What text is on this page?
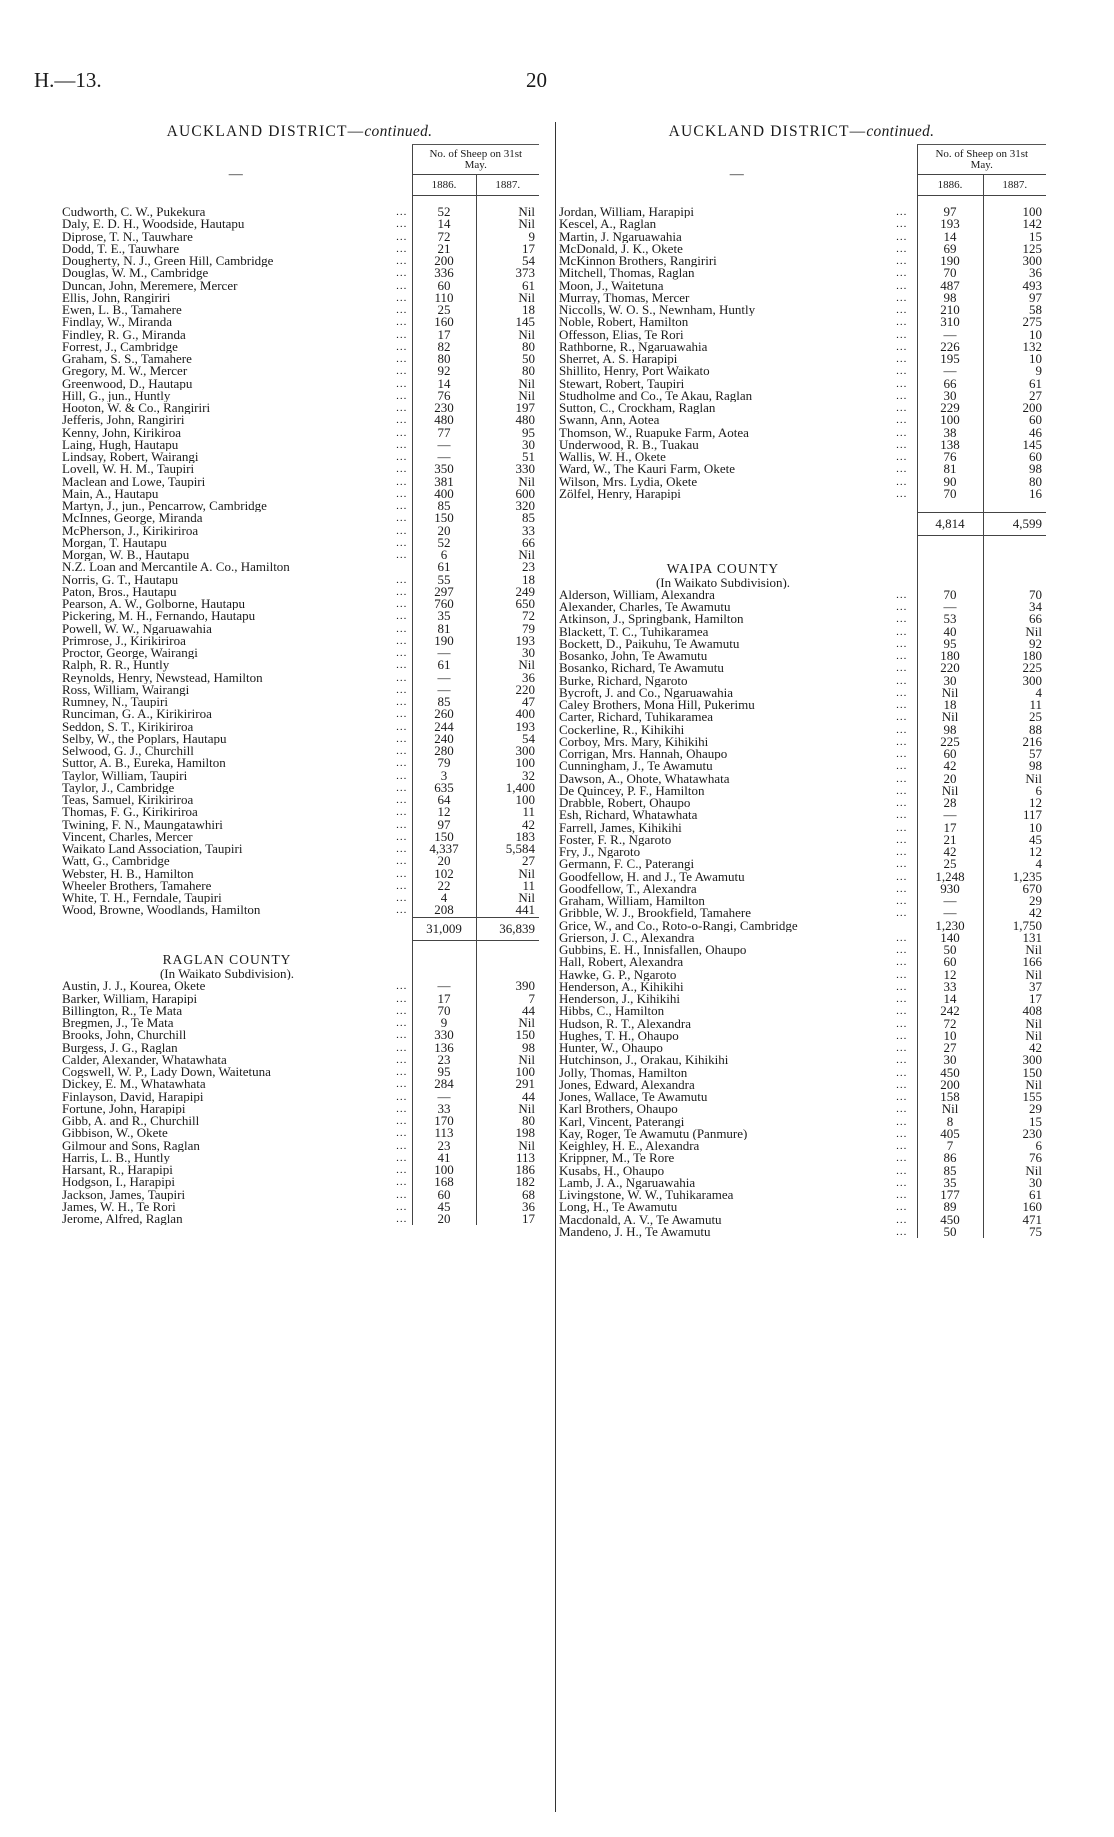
H.—13.	20
AUCKLAND DISTRICT—continued.
—		No. of Sheep on 31st May.	
		1886.	1887.

Cudworth, C. W., Pukekura	...	52	Nil
Daly, E. D. H., Woodside, Hautapu	...	14	Nil
Diprose, T. N., Tauwhare	...	72	9
Dodd, T. E., Tauwhare	...	21	17
Dougherty, N. J., Green Hill, Cambridge	...	200	54
Douglas, W. M., Cambridge	...	336	373
Duncan, John, Meremere, Mercer	...	60	61
Ellis, John, Rangiriri	...	110	Nil
Ewen, L. B., Tamahere	...	25	18
Findlay, W., Miranda	...	160	145
Findley, R. G., Miranda	...	17	Nil
Forrest, J., Cambridge	...	82	80
Graham, S. S., Tamahere	...	80	50
Gregory, M. W., Mercer	...	92	80
Greenwood, D., Hautapu	...	14	Nil
Hill, G., jun., Huntly	...	76	Nil
Hooton, W. & Co., Rangiriri	...	230	197
Jefferis, John, Rangiriri	...	480	480
Kenny, John, Kirikiroa	...	77	95
Laing, Hugh, Hautapu	...	—	30
Lindsay, Robert, Wairangi	...	—	51
Lovell, W. H. M., Taupiri	...	350	330
Maclean and Lowe, Taupiri	...	381	Nil
Main, A., Hautapu	...	400	600
Martyn, J., jun., Pencarrow, Cambridge	...	85	320
McInnes, George, Miranda	...	150	85
McPherson, J., Kirikiriroa	...	20	33
Morgan, T. Hautapu	...	52	66
Morgan, W. B., Hautapu	...	6	Nil
N.Z. Loan and Mercantile A. Co., Hamilton		61	23
Norris, G. T., Hautapu	...	55	18
Paton, Bros., Hautapu	...	297	249
Pearson, A. W., Golborne, Hautapu	...	760	650
Pickering, M. H., Fernando, Hautapu	...	35	72
Powell, W. W., Ngaruawahia	...	81	79
Primrose, J., Kirikiriroa	...	190	193
Proctor, George, Wairangi	...	—	30
Ralph, R. R., Huntly	...	61	Nil
Reynolds, Henry, Newstead, Hamilton	...	—	36
Ross, William, Wairangi	...	—	220
Rumney, N., Taupiri	...	85	47
Runciman, G. A., Kirikiriroa	...	260	400
Seddon, S. T., Kirikiriroa	...	244	193
Selby, W., the Poplars, Hautapu	...	240	54
Selwood, G. J., Churchill	...	280	300
Suttor, A. B., Eureka, Hamilton	...	79	100
Taylor, William, Taupiri	...	3	32
Taylor, J., Cambridge	...	635	1,400
Teas, Samuel, Kirikiriroa	...	64	100
Thomas, F. G., Kirikiriroa	...	12	11
Twining, F. N., Maungatawhiri	...	97	42
Vincent, Charles, Mercer	...	150	183
Waikato Land Association, Taupiri	...	4,337	5,584
Watt, G., Cambridge	...	20	27
Webster, H. B., Hamilton	...	102	Nil
Wheeler Brothers, Tamahere	...	22	11
White, T. H., Ferndale, Taupiri	...	4	Nil
Wood, Browne, Woodlands, Hamilton	...	208	441
		31,009	36,839
RAGLAN COUNTY			
(In Waikato Subdivision).			
Austin, J. J., Kourea, Okete	...	—	390
Barker, William, Harapipi	...	17	7
Billington, R., Te Mata	...	70	44
Bregmen, J., Te Mata	...	9	Nil
Brooks, John, Churchill	...	330	150
Burgess, J. G., Raglan	...	136	98
Calder, Alexander, Whatawhata	...	23	Nil
Cogswell, W. P., Lady Down, Waitetuna	...	95	100
Dickey, E. M., Whatawhata	...	284	291
Finlayson, David, Harapipi	...	—	44
Fortune, John, Harapipi	...	33	Nil
Gibb, A. and R., Churchill	...	170	80
Gibbison, W., Okete	...	113	198
Gilmour and Sons, Raglan	...	23	Nil
Harris, L. B., Huntly	...	41	113
Harsant, R., Harapipi	...	100	186
Hodgson, I., Harapipi	...	168	182
Jackson, James, Taupiri	...	60	68
James, W. H., Te Rori	...	45	36
Jerome, Alfred, Raglan	...	20	17
AUCKLAND DISTRICT—continued.
—		No. of Sheep on 31st May.	
		1886.	1887.

Jordan, William, Harapipi	...	97	100
Kescel, A., Raglan	...	193	142
Martin, J. Ngaruawahia	...	14	15
McDonald, J. K., Okete	...	69	125
McKinnon Brothers, Rangiriri	...	190	300
Mitchell, Thomas, Raglan	...	70	36
Moon, J., Waitetuna	...	487	493
Murray, Thomas, Mercer	...	98	97
Niccolls, W. O. S., Newnham, Huntly	...	210	58
Noble, Robert, Hamilton	...	310	275
Offesson, Elias, Te Rori	...	—	10
Rathborne, R., Ngaruawahia	...	226	132
Sherret, A. S. Harapipi	...	195	10
Shillito, Henry, Port Waikato	...	—	9
Stewart, Robert, Taupiri	...	66	61
Studholme and Co., Te Akau, Raglan	...	30	27
Sutton, C., Crockham, Raglan	...	229	200
Swann, Ann, Aotea	...	100	60
Thomson, W., Ruapuke Farm, Aotea	...	38	46
Underwood, R. B., Tuakau	...	138	145
Wallis, W. H., Okete	...	76	60
Ward, W., The Kauri Farm, Okete	...	81	98
Wilson, Mrs. Lydia, Okete	...	90	80
Zölfel, Henry, Harapipi	...	70	16

		4,814	4,599

WAIPA COUNTY			
(In Waikato Subdivision).			
Alderson, William, Alexandra	...	70	70
Alexander, Charles, Te Awamutu	...	—	34
Atkinson, J., Springbank, Hamilton	...	53	66
Blackett, T. C., Tuhikaramea	...	40	Nil
Bockett, D., Paikuhu, Te Awamutu	...	95	92
Bosanko, John, Te Awamutu	...	180	180
Bosanko, Richard, Te Awamutu	...	220	225
Burke, Richard, Ngaroto	...	30	300
Bycroft, J. and Co., Ngaruawahia	...	Nil	4
Caley Brothers, Mona Hill, Pukerimu	...	18	11
Carter, Richard, Tuhikaramea	...	Nil	25
Cockerline, R., Kihikihi	...	98	88
Corboy, Mrs. Mary, Kihikihi	...	225	216
Corrigan, Mrs. Hannah, Ohaupo	...	60	57
Cunningham, J., Te Awamutu	...	42	98
Dawson, A., Ohote, Whatawhata	...	20	Nil
De Quincey, P. F., Hamilton	...	Nil	6
Drabble, Robert, Ohaupo	...	28	12
Esh, Richard, Whatawhata	...	—	117
Farrell, James, Kihikihi	...	17	10
Foster, F. R., Ngaroto	...	21	45
Fry, J., Ngaroto	...	42	12
Germann, F. C., Paterangi	...	25	4
Goodfellow, H. and J., Te Awamutu	...	1,248	1,235
Goodfellow, T., Alexandra	...	930	670
Graham, William, Hamilton	...	—	29
Gribble, W. J., Brookfield, Tamahere	...	—	42
Grice, W., and Co., Roto-o-Rangi, Cambridge		1,230	1,750
Grierson, J. C., Alexandra	...	140	131
Gubbins, E. H., Innisfallen, Ohaupo	...	50	Nil
Hall, Robert, Alexandra	...	60	166
Hawke, G. P., Ngaroto	...	12	Nil
Henderson, A., Kihikihi	...	33	37
Henderson, J., Kihikihi	...	14	17
Hibbs, C., Hamilton	...	242	408
Hudson, R. T., Alexandra	...	72	Nil
Hughes, T. H., Ohaupo	...	10	Nil
Hunter, W., Ohaupo	...	27	42
Hutchinson, J., Orakau, Kihikihi	...	30	300
Jolly, Thomas, Hamilton	...	450	150
Jones, Edward, Alexandra	...	200	Nil
Jones, Wallace, Te Awamutu	...	158	155
Karl Brothers, Ohaupo	...	Nil	29
Karl, Vincent, Paterangi	...	8	15
Kay, Roger, Te Awamutu (Panmure)	...	405	230
Keighley, H. E., Alexandra	...	7	6
Krippner, M., Te Rore	...	86	76
Kusabs, H., Ohaupo	...	85	Nil
Lamb, J. A., Ngaruawahia	...	35	30
Livingstone, W. W., Tuhikaramea	...	177	61
Long, H., Te Awamutu	...	89	160
Macdonald, A. V., Te Awamutu	...	450	471
Mandeno, J. H., Te Awamutu	...	50	75
